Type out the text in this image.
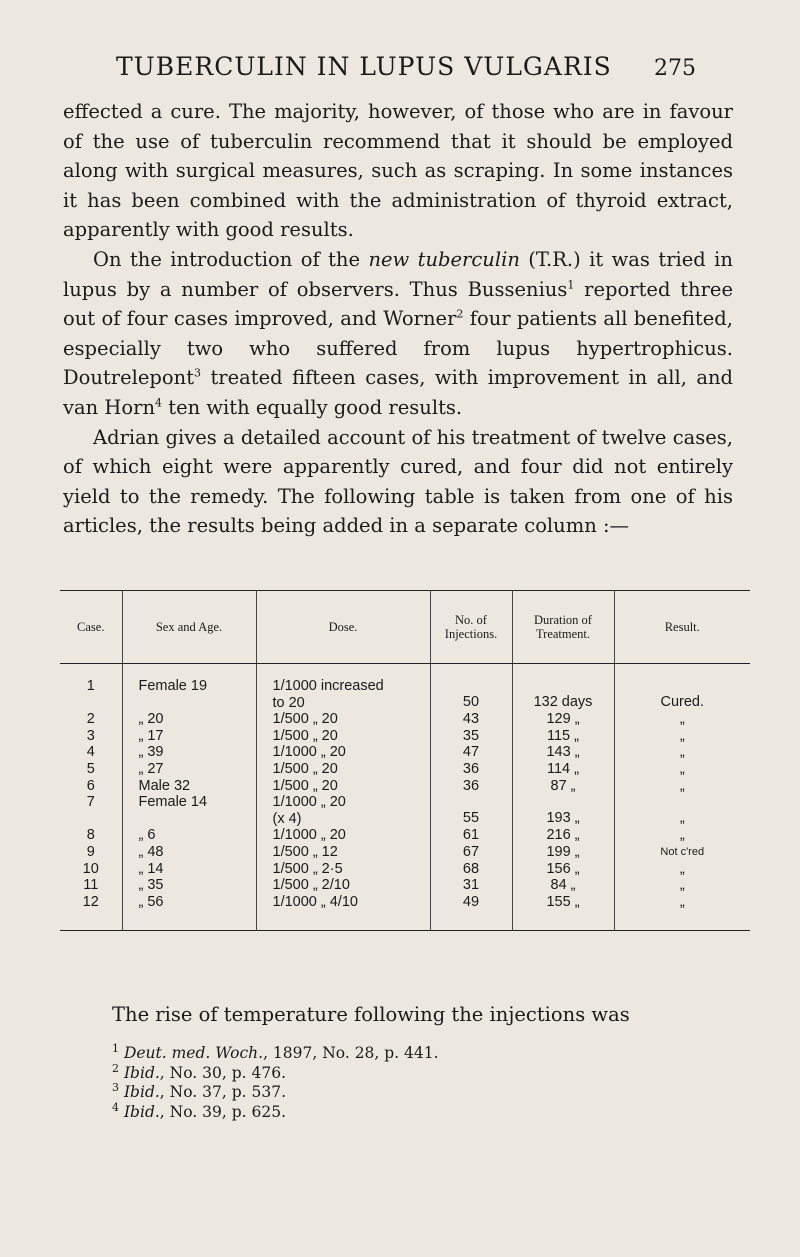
TUBERCULIN IN LUPUS VULGARIS 275

effected a cure. The majority, however, of those who are in favour of the use of tuberculin recommend that it should be employed along with surgical measures, such as scraping. In some instances it has been combined with the administration of thyroid extract, apparently with good results.

On the introduction of the new tuberculin (T.R.) it was tried in lupus by a number of observers. Thus Bussenius$^1$ reported three out of four cases improved, and Worner$^2$ four patients all benefited, especially two who suffered from lupus hypertrophicus. Doutrelepont$^3$ treated fifteen cases, with improvement in all, and van Horn$^4$ ten with equally good results.

Adrian gives a detailed account of his treatment of twelve cases, of which eight were apparently cured, and four did not entirely yield to the remedy. The following table is taken from one of his articles, the results being added in a separate column :—

Case.	Sex and Age.	Dose.	No. of
Injections.	Duration of
Treatment.	Result.
1	Female 19	1/1000 increased
to 20	50	132 days	Cured.
2	„ 20	1/500 „ 20	43	129 „	„
3	„ 17	1/500 „ 20	35	115 „	„
4	„ 39	1/1000 „ 20	47	143 „	„
5	„ 27	1/500 „ 20	36	114 „	„
6	Male 32	1/500 „ 20	36	87 „	„
7	Female 14	1/1000 „ 20
(x 4)	55	193 „	„
8	„ 6	1/1000 „ 20	61	216 „	„
9	„ 48	1/500 „ 12	67	199 „	Not c'red
10	„ 14	1/500 „ 2·5	68	156 „	„
11	„ 35	1/500 „ 2/10	31	84 „	„
12	„ 56	1/1000 „ 4/10	49	155 „	„
The rise of temperature following the injections was
$^1$ Deut. med. Woch., 1897, No. 28, p. 441.
$^2$ Ibid., No. 30, p. 476.
$^3$ Ibid., No. 37, p. 537.
$^4$ Ibid., No. 39, p. 625.
